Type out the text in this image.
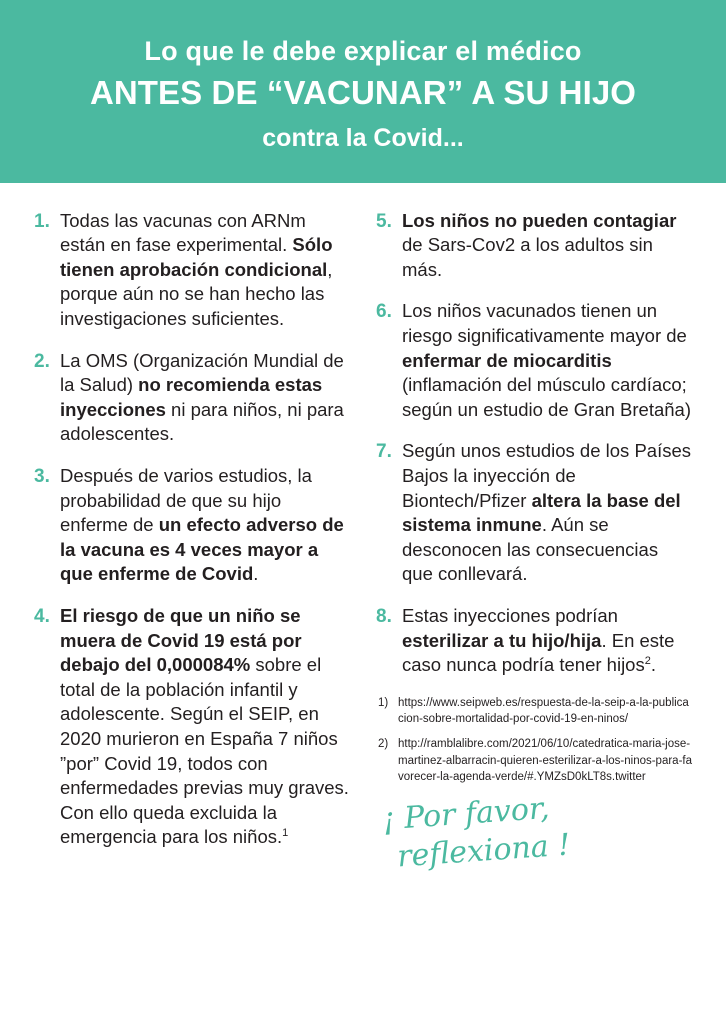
Lo que le debe explicar el médico
ANTES DE “VACUNAR” A SU HIJO
contra la Covid...
1. Todas las vacunas con ARNm están en fase experimental. Sólo tienen aprobación condicional, porque aún no se han hecho las investigaciones suficientes.
2. La OMS (Organización Mundial de la Salud) no recomienda estas inyecciones ni para niños, ni para adolescentes.
3. Después de varios estudios, la probabilidad de que su hijo enferme de un efecto adverso de la vacuna es 4 veces mayor a que enferme de Covid.
4. El riesgo de que un niño se muera de Covid 19 está por debajo del 0,000084% sobre el total de la población infantil y adolescente. Según el SEIP, en 2020 murieron en España 7 niños ”por” Covid 19, todos con enfermedades previas muy graves. Con ello queda excluida la emergencia para los niños.$^1$
5. Los niños no pueden contagiar de Sars-Cov2 a los adultos sin más.
6. Los niños vacunados tienen un riesgo significativamente mayor de enfermar de miocarditis (inflamación del músculo cardíaco; según un estudio de Gran Bretaña)
7. Según unos estudios de los Países Bajos la inyección de Biontech/Pfizer altera la base del sistema inmune. Aún se desconocen las consecuencias que conllevará.
8. Estas inyecciones podrían esterilizar a tu hijo/hija. En este caso nunca podría tener hijos$^2$.
1) https://www.seipweb.es/respuesta-de-la-seip-a-la-publicacion-sobre-mortalidad-por-covid-19-en-ninos/
2) http://ramblalibre.com/2021/06/10/catedratica-maria-jose-martinez-albarracin-quieren-esterilizar-a-los-ninos-para-favorecer-la-agenda-verde/#.YMZsD0kLT8s.twitter
¡ Por favor,
reflexiona !
